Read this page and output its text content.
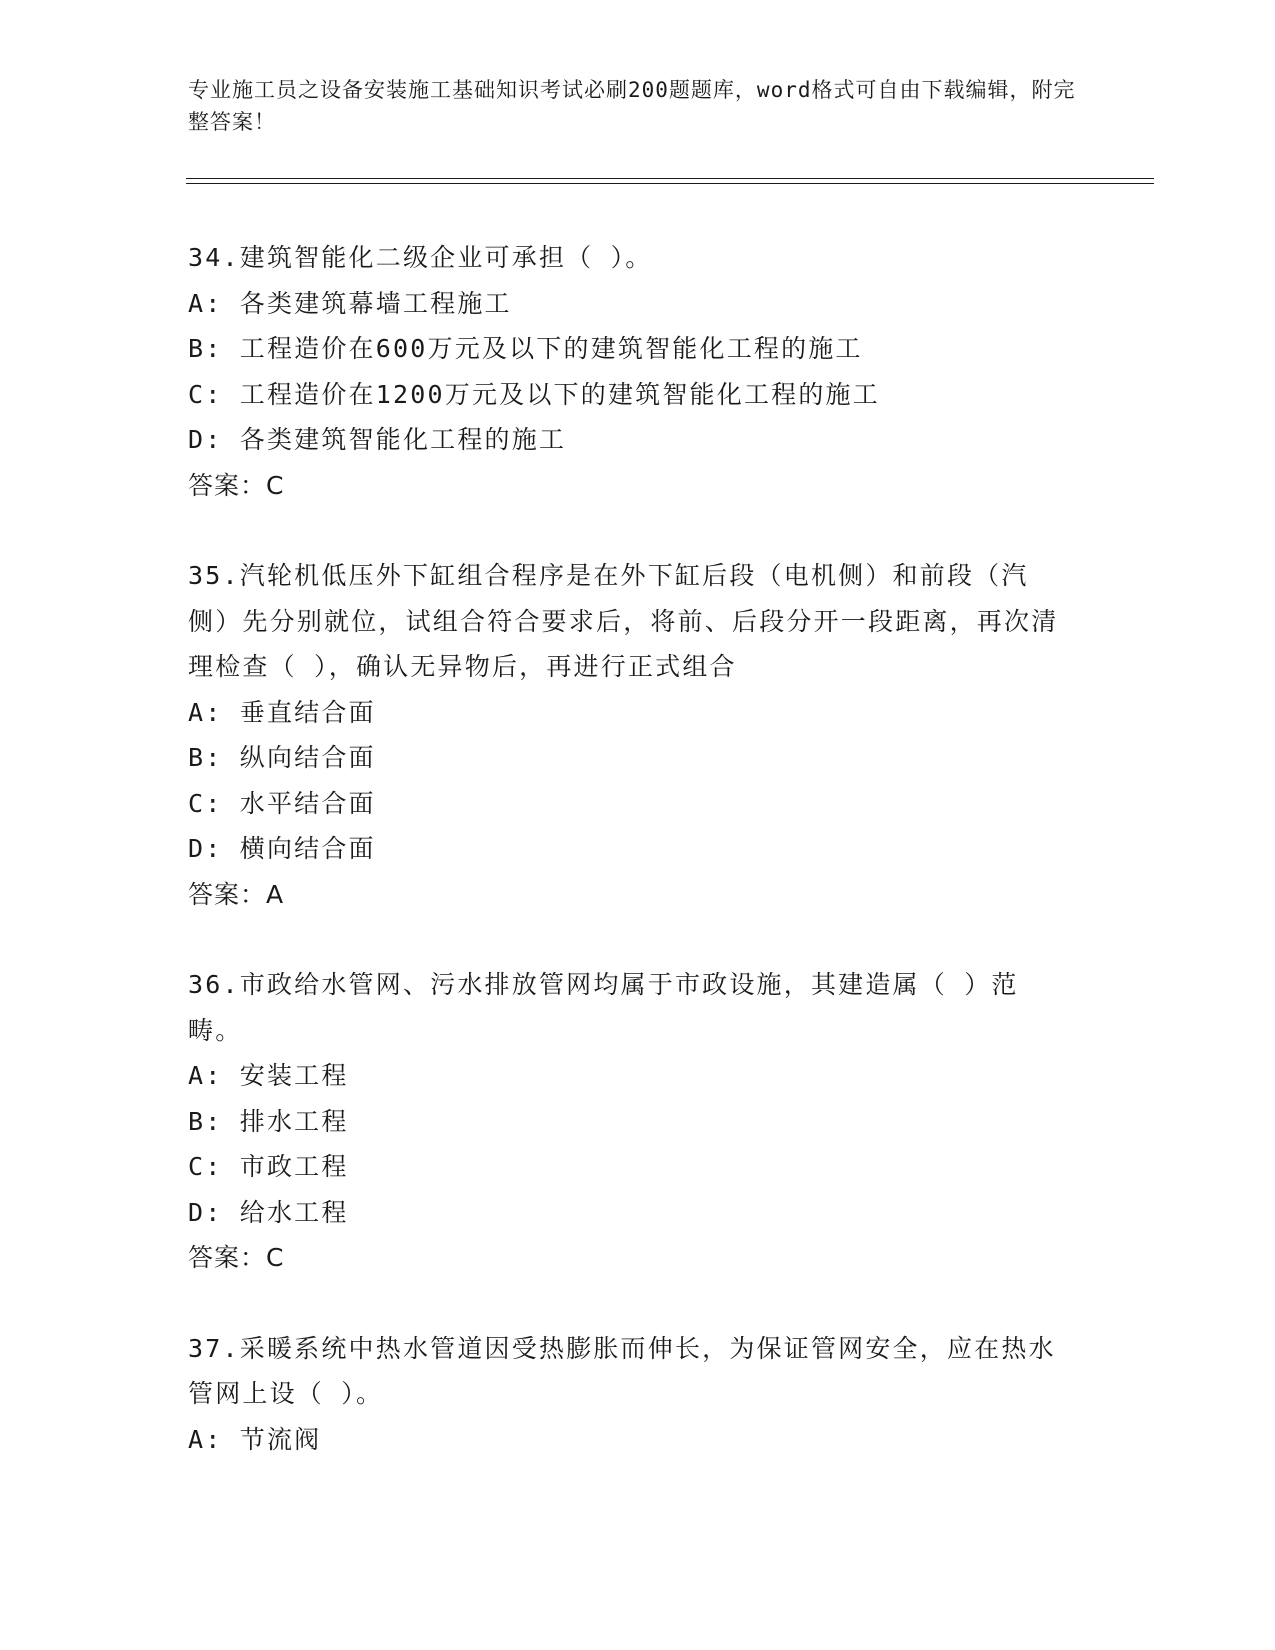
专业施工员之设备安装施工基础知识考试必刷200题题库，word格式可自由下载编辑，附完整答案！

34.建筑智能化二级企业可承担（ ）。

A: 各类建筑幕墙工程施工

B: 工程造价在600万元及以下的建筑智能化工程的施工

C: 工程造价在1200万元及以下的建筑智能化工程的施工

D: 各类建筑智能化工程的施工

答案：C

35.汽轮机低压外下缸组合程序是在外下缸后段（电机侧）和前段（汽侧）先分别就位，试组合符合要求后，将前、后段分开一段距离，再次清理检查（ ），确认无异物后，再进行正式组合

A: 垂直结合面

B: 纵向结合面

C: 水平结合面

D: 横向结合面

答案：A

36.市政给水管网、污水排放管网均属于市政设施，其建造属（ ）范畴。

A: 安装工程

B: 排水工程

C: 市政工程

D: 给水工程

答案：C

37.采暖系统中热水管道因受热膨胀而伸长，为保证管网安全，应在热水管网上设（ ）。

A: 节流阀
